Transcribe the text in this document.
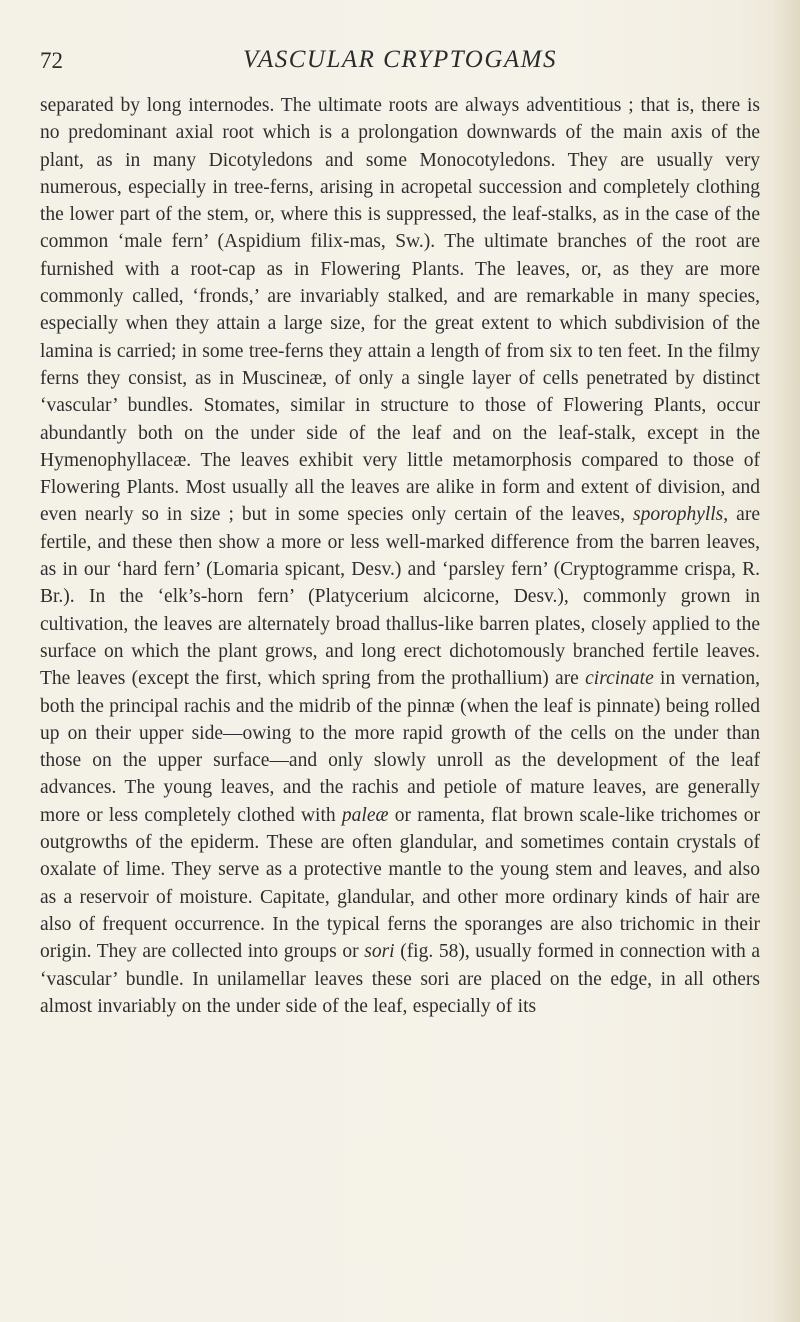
72	VASCULAR CRYPTOGAMS

separated by long internodes. The ultimate roots are always adventitious ; that is, there is no predominant axial root which is a prolongation downwards of the main axis of the plant, as in many Dicotyledons and some Monocotyledons. They are usually very numerous, especially in tree-ferns, arising in acropetal succession and completely clothing the lower part of the stem, or, where this is suppressed, the leaf-stalks, as in the case of the common ‘male fern’ (Aspidium filix-mas, Sw.). The ultimate branches of the root are furnished with a root-cap as in Flowering Plants. The leaves, or, as they are more commonly called, ‘fronds,’ are invariably stalked, and are remarkable in many species, especially when they attain a large size, for the great extent to which subdivision of the lamina is carried; in some tree-ferns they attain a length of from six to ten feet. In the filmy ferns they consist, as in Muscineæ, of only a single layer of cells penetrated by distinct ‘vascular’ bundles. Stomates, similar in structure to those of Flowering Plants, occur abundantly both on the under side of the leaf and on the leaf-stalk, except in the Hymenophyllaceæ. The leaves exhibit very little metamorphosis compared to those of Flowering Plants. Most usually all the leaves are alike in form and extent of division, and even nearly so in size ; but in some species only certain of the leaves, sporophylls, are fertile, and these then show a more or less well-marked difference from the barren leaves, as in our ‘hard fern’ (Lomaria spicant, Desv.) and ‘parsley fern’ (Cryptogramme crispa, R. Br.). In the ‘elk’s-horn fern’ (Platycerium alcicorne, Desv.), commonly grown in cultivation, the leaves are alternately broad thallus-like barren plates, closely applied to the surface on which the plant grows, and long erect dichotomously branched fertile leaves. The leaves (except the first, which spring from the prothallium) are circinate in vernation, both the principal rachis and the midrib of the pinnæ (when the leaf is pinnate) being rolled up on their upper side—owing to the more rapid growth of the cells on the under than those on the upper surface—and only slowly unroll as the development of the leaf advances. The young leaves, and the rachis and petiole of mature leaves, are generally more or less completely clothed with paleæ or ramenta, flat brown scale-like trichomes or outgrowths of the epiderm. These are often glandular, and sometimes contain crystals of oxalate of lime. They serve as a protective mantle to the young stem and leaves, and also as a reservoir of moisture. Capitate, glandular, and other more ordinary kinds of hair are also of frequent occurrence. In the typical ferns the sporanges are also trichomic in their origin. They are collected into groups or sori (fig. 58), usually formed in connection with a ‘vascular’ bundle. In unilamellar leaves these sori are placed on the edge, in all others almost invariably on the under side of the leaf, especially of its
